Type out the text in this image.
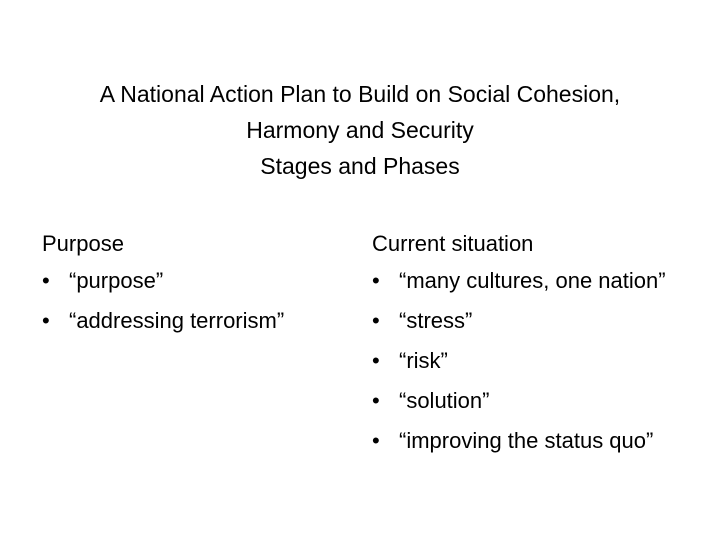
A National Action Plan to Build on Social Cohesion,
Harmony and Security
Stages and Phases
Purpose
• “purpose”
• “addressing terrorism”
Current situation
• “many cultures, one nation”
• “stress”
• “risk”
• “solution”
• “improving the status quo”
